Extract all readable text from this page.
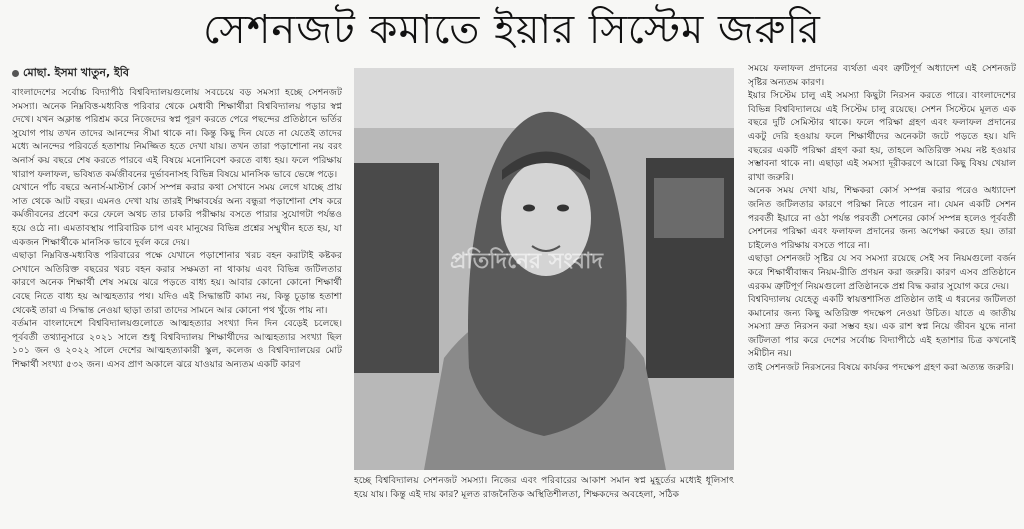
সেশনজট কমাতে ইয়ার সিস্টেম জরুরি
মোছা. ইসমা খাতুন, ইবি

বাংলাদেশের সর্বোচ্চ বিদ্যাপীঠ বিশ্ববিদ্যালয়গুলোয় সবচেয়ে বড় সমস্যা হচ্ছে সেশনজট সমস্যা। অনেক নিম্নবিত্ত-মধ্যবিত্ত পরিবার থেকে মেধাবী শিক্ষার্থীরা বিশ্ববিদ্যালয় পড়ার স্বপ্ন দেখে। যখন অক্লান্ত পরিশ্রম করে নিজেদের স্বপ্ন পূরণ করতে পেরে পছন্দের প্রতিষ্ঠানে ভর্তির সুযোগ পায় তখন তাদের আনন্দের সীমা থাকে না। কিন্তু কিছু দিন যেতে না যেতেই তাদের মধ্যে আনন্দের পরিবর্তে হতাশায় নিমজ্জিত হতে দেখা যায়। তখন তারা পড়াশোনা নয় বরং অনার্স কয় বছরে শেষ করতে পারবে এই বিষয়ে মনোনিবেশ করতে বাধ্য হয়। ফলে পরিক্ষায় খারাপ ফলাফল, ভবিষ্যত কর্মজীবনের দুর্ভাবনাসহ বিভিন্ন বিষয়ে মানসিক ভাবে ভেঙ্গে পড়ে।

যেখানে পাঁচ বছরে অনার্স-মাস্টার্স কোর্স সম্পন্ন করার কথা সেখানে সময় লেগে যাচ্ছে প্রায় সাত থেকে আট বছর। এমনও দেখা যায় তারই শিক্ষাবর্ষের অন্য বন্ধুরা পড়াশোনা শেষ করে কর্মজীবনের প্রবেশ করে ফেলে অথচ তার চাকরি পরীক্ষায় বসতে পারার সুযোগটা পর্যন্তও হয়ে ওঠে না। এমতাবস্থায় পারিবারিক চাপ এবং মানুষের বিভিন্ন প্রশ্নের সম্মুখীন হতে হয়, যা একজন শিক্ষার্থীকে মানসিক ভাবে দুর্বল করে দেয়।

এছাড়া নিম্নবিত্ত-মধ্যবিত্ত পরিবারের পক্ষে যেখানে পড়াশোনার খরচ বহন করাটাই কষ্টকর সেখানে অতিরিক্ত বছরের খরচ বহন করার সক্ষমতা না থাকায় এবং বিভিন্ন জটিলতার কারণে অনেক শিক্ষার্থী শেষ সময়ে ঝরে পড়তে বাধ্য হয়। আবার কোনো কোনো শিক্ষার্থী বেছে নিতে বাধ্য হয় আত্মহত্যার পথ। যদিও এই সিদ্ধান্তটি কাম্য নয়, কিন্তু চূড়ান্ত হতাশা থেকেই তারা এ সিদ্ধান্ত নেওয়া ছাড়া তারা তাদের সামনে আর কোনো পথ খুঁজে পায় না।

বর্তমান বাংলাদেশে বিশ্ববিদ্যালয়গুলোতে আত্মহত্যার সংখ্যা দিন দিন বেড়েই চলেছে। পূর্ববর্তী তথ্যানুসারে ২০২১ সালে শুধু বিশ্ববিদ্যালয় শিক্ষার্থীদের আত্মহত্যার সংখ্যা ছিল ১০১ জন ও ২০২২ সালে দেশের আত্মহত্যাকারী স্কুল, কলেজ ও বিশ্ববিদ্যালয়ের মোট শিক্ষার্থী সংখ্যা ৫৩২ জন। এসব প্রাণ অকালে ঝরে যাওয়ার অন্যতম একটি কারণ

প্রতিদিনের সংবাদ

হচ্ছে বিশ্ববিদ্যালয় সেশনজট সমস্যা। নিজের এবং পরিবারের আকাশ সমান স্বপ্ন মুহূর্তের মধ্যেই ধূলিসাৎ হয়ে যায়। কিন্তু এই দায় কার? মূলত রাজনৈতিক অস্থিতিশীলতা, শিক্ষকদের অবহেলা, সঠিক

সময়ে ফলাফল প্রদানের ব্যর্থতা এবং ত্রুটিপূর্ণ অধ্যাদেশ এই সেশনজট সৃষ্টির অন্যতম কারণ।

ইয়ার সিস্টেম চালু এই সমস্যা কিছুটা নিরসন করতে পারে। বাংলাদেশের বিভিন্ন বিশ্ববিদ্যালয়ে এই সিস্টেম চালু রয়েছে। সেশন সিস্টেমে মূলত এক বছরে দুটি সেমিস্টার থাকে। ফলে পরিক্ষা গ্রহণ এবং ফলাফল প্রদানের একটু দেরি হওয়ায় ফলে শিক্ষার্থীদের অনেকটা জটে পড়তে হয়। যদি বছরের একটি পরিক্ষা গ্রহণ করা হয়, তাহলে অতিরিক্ত সময় নষ্ট হওয়ার সম্ভাবনা থাকে না। এছাড়া এই সমস্যা দূরীকরণে আরো কিছু বিষয় খেয়াল রাখা জরুরি।

অনেক সময় দেখা যায়, শিক্ষকরা কোর্স সম্পন্ন করার পরেও অধ্যাদেশ জনিত জটিলতার কারণে পরিক্ষা নিতে পারেন না। যেমন একটি সেশন পরবর্তী ইয়ারে না ওঠা পর্যন্ত পরবর্তী সেশনের কোর্স সম্পন্ন হলেও পূর্ববর্তী সেশনের পরিক্ষা এবং ফলাফল প্রদানের জন্য অপেক্ষা করতে হয়। তারা চাইলেও পরিক্ষায় বসতে পারে না।

এছাড়া সেশনজট সৃষ্টির যে সব সমস্যা রয়েছে সেই সব নিয়মগুলো বর্জন করে শিক্ষার্থীবান্ধব নিয়ম-রীতি প্রণয়ন করা জরুরি। কারণ এসব প্রতিষ্ঠানে এরকম ত্রুটিপূর্ণ নিয়মগুলো প্রতিষ্ঠানকে প্রশ্ন বিদ্ধ করার সুযোগ করে দেয়।

বিশ্ববিদ্যালয় যেহেতু একটি স্বায়ত্তশাসিত প্রতিষ্ঠান তাই এ ধরনের জটিলতা কমানোর জন্য কিছু অতিরিক্ত পদক্ষেপ নেওয়া উচিত। যাতে এ জাতীয় সমস্যা দ্রুত নিরসন করা সম্ভব হয়। এক রাশ স্বপ্ন নিয়ে জীবন যুদ্ধে নানা জটিলতা পার করে দেশের সর্বোচ্চ বিদ্যাপীঠে এই হতাশার চিত্র কখনোই সমীচীন নয়।

তাই সেশনজট নিরসনের বিষয়ে কার্যকর পদক্ষেপ গ্রহণ করা অত্যন্ত জরুরি।
